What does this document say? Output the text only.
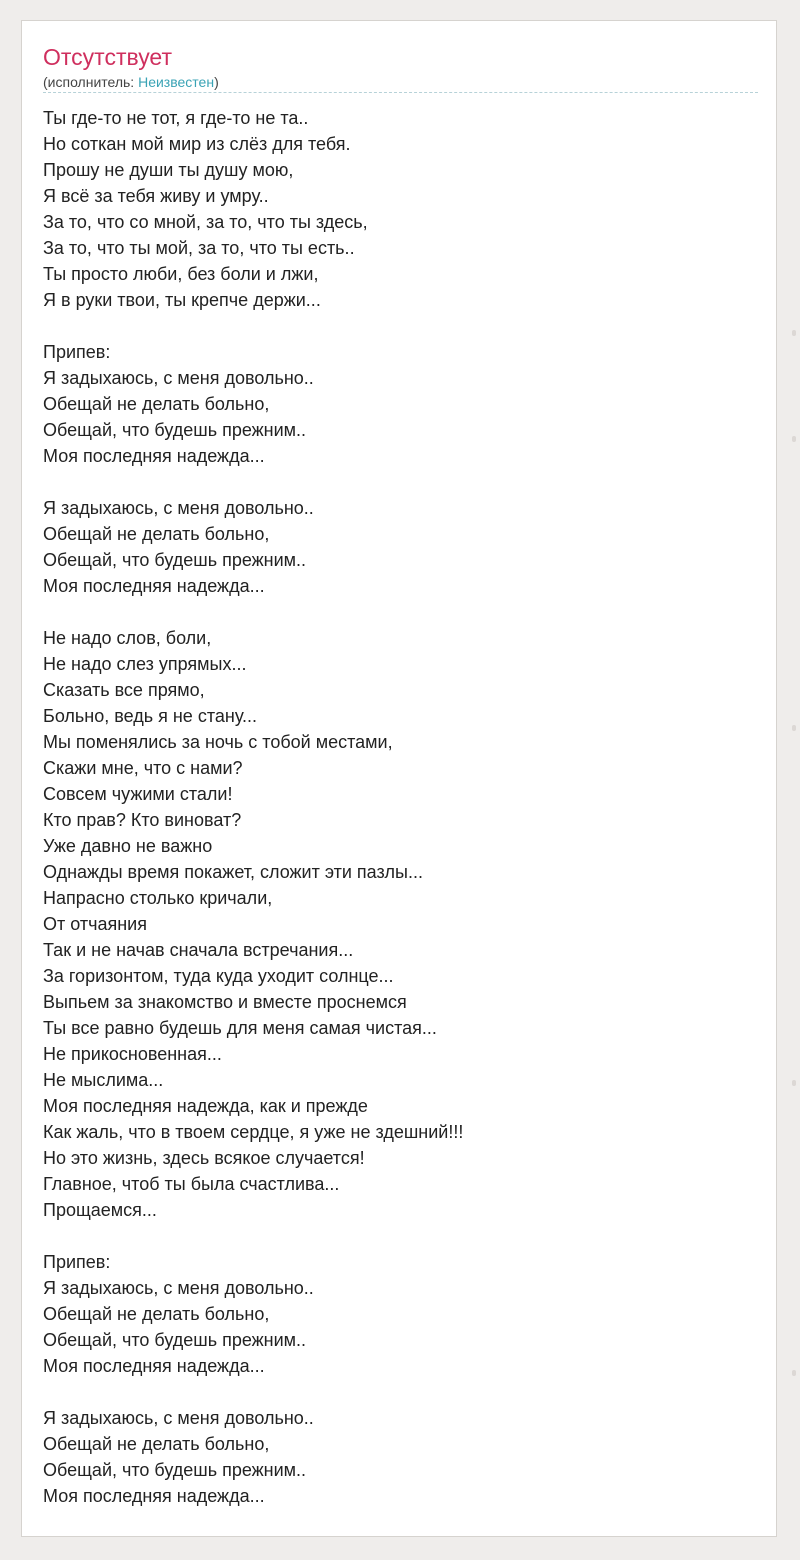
Отсутствует
(исполнитель: Неизвестен)
Ты где-то не тот, я где-то не та..
Но соткан мой мир из слёз для тебя.
Прошу не души ты душу мою,
Я всё за тебя живу и умру..
За то, что со мной, за то, что ты здесь,
За то, что ты мой, за то, что ты есть..
Ты просто люби, без боли и лжи,
Я в руки твои, ты крепче держи...
Припев:
Я задыхаюсь, с меня довольно..
Обещай не делать больно,
Обещай, что будешь прежним..
Моя последняя надежда...
Я задыхаюсь, с меня довольно..
Обещай не делать больно,
Обещай, что будешь прежним..
Моя последняя надежда...
Не надо слов, боли,
Не надо слез упрямых...
Сказать все прямо,
Больно, ведь я не стану...
Мы поменялись за ночь с тобой местами,
Скажи мне, что с нами?
Совсем чужими стали!
Кто прав? Кто виноват?
Уже давно не важно
Однажды время покажет, сложит эти пазлы...
Напрасно столько кричали,
От отчаяния
Так и не начав сначала встречания...
За горизонтом, туда куда уходит солнце...
Выпьем за знакомство и вместе проснемся
Ты все равно будешь для меня самая чистая...
Не прикосновенная...
Не мыслима...
Моя последняя надежда, как и прежде
Как жаль, что в твоем сердце, я уже не здешний!!!
Но это жизнь, здесь всякое случается!
Главное, чтоб ты была счастлива...
Прощаемся...
Припев:
Я задыхаюсь, с меня довольно..
Обещай не делать больно,
Обещай, что будешь прежним..
Моя последняя надежда...
Я задыхаюсь, с меня довольно..
Обещай не делать больно,
Обещай, что будешь прежним..
Моя последняя надежда...
